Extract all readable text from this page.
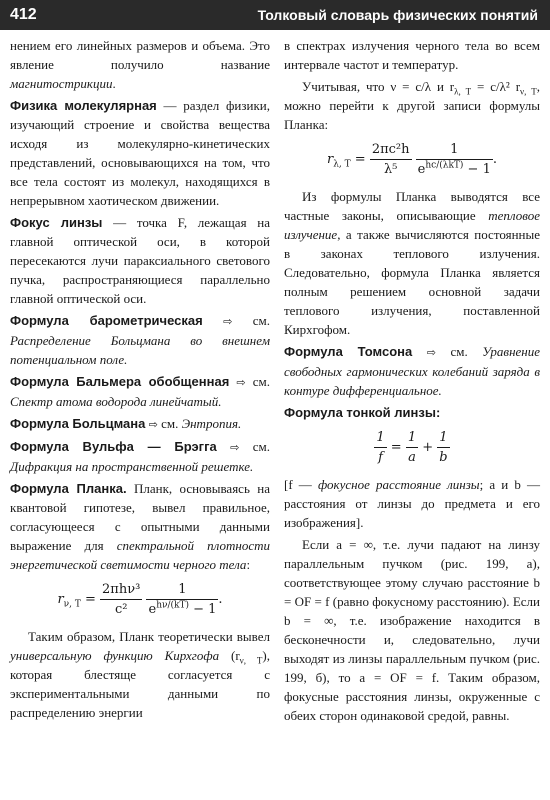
412	Толковый словарь физических понятий

нением его линейных размеров и объема. Это явление получило название магнитострикции.

Физика молекулярная — раздел физики, изучающий строение и свойства вещества исходя из молекулярно-кинетических представлений, основывающихся на том, что все тела состоят из молекул, находящихся в непрерывном хаотическом движении.

Фокус линзы — точка F, лежащая на главной оптической оси, в которой пересекаются лучи параксиального светового пучка, распространяющиеся параллельно главной оптической оси.

Формула барометрическая ⇨ см. Распределение Больцмана во внешнем потенциальном поле.

Формула Бальмера обобщенная ⇨ см. Спектр атома водорода линейчатый.

Формула Больцмана ⇨ см. Энтропия.

Формула Вульфа — Брэгга ⇨ см. Дифракция на пространственной решетке.

Формула Планка. Планк, основываясь на квантовой гипотезе, вывел правильное, согласующееся с опытными данными выражение для спектральной плотности энергетической светимости черного тела:

$r_{\nu, T} = \frac{\text{2πhν³}}{\text{c²}}$
$\frac{1}{e^{h\nu/(kT)} - 1}$ .

Таким образом, Планк теоретически вывел универсальную функцию Кирхгофа $(r_{\nu, T})$, которая блестяще согласуется с экспериментальными данными по распределению энергии

в спектрах излучения черного тела во всем интервале частот и температур.

Учитывая, что ν = c/λ и $r_{\lambda, T} = c/\lambda^2$ $r_{\nu, T}$, можно перейти к другой записи формулы Планка:

$r_{\lambda, T} = \frac{\text{2πc²h}}{\text{λ⁵}}$
$\frac{1}{e^{hc/(\lambda kT)} - 1}$ .

Из формулы Планка выводятся все частные законы, описывающие тепловое излучение, а также вычисляются постоянные в законах теплового излучения. Следовательно, формула Планка является полным решением основной задачи теплового излучения, поставленной Кирхгофом.

Формула Томсона ⇨ см. Уравнение свободных гармонических колебаний заряда в контуре дифференциальное.

Формула тонкой линзы:

$\frac{1}{f} = \frac{1}{a} + \frac{1}{b}$

[f — фокусное расстояние линзы; a и b — расстояния от линзы до предмета и его изображения].

Если a = ∞, т.е. лучи падают на линзу параллельным пучком (рис. 199, a), соответствующее этому случаю расстояние b = OF = f (равно фокусному расстоянию). Если b = ∞, т.е. изображение находится в бесконечности и, следовательно, лучи выходят из линзы параллельным пучком (рис. 199, б), то a = OF = f. Таким образом, фокусные расстояния линзы, окруженные с обеих сторон одинаковой средой, равны.
